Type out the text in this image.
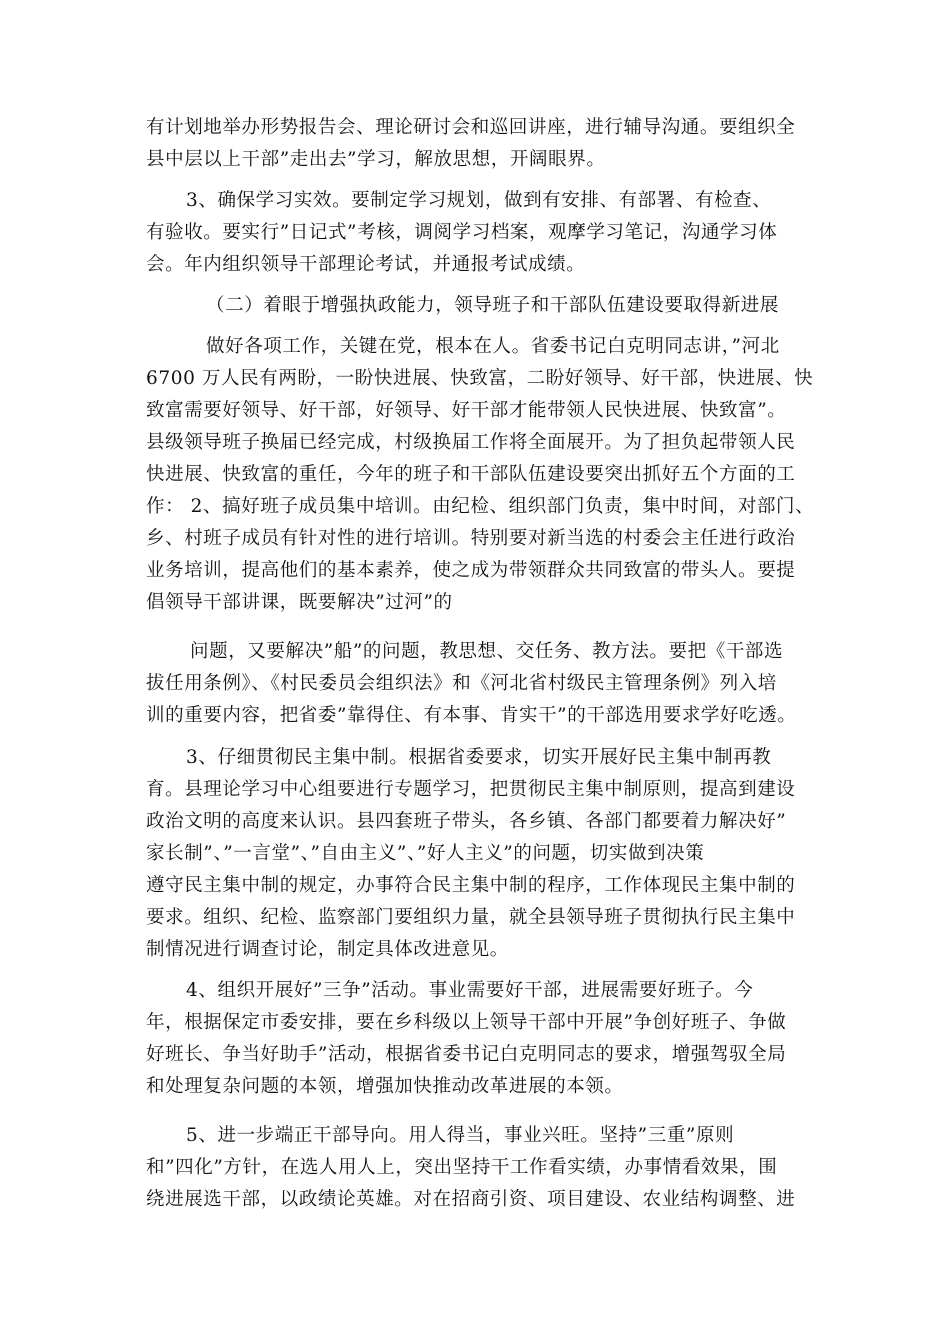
有计划地举办形势报告会、理论研讨会和巡回讲座，进行辅导沟通。要组织全
县中层以上干部”走出去”学习，解放思想，开阔眼界。
3、确保学习实效。要制定学习规划，做到有安排、有部署、有检查、
有验收。要实行”日记式”考核，调阅学习档案，观摩学习笔记，沟通学习体
会。年内组织领导干部理论考试，并通报考试成绩。
（二）着眼于增强执政能力，领导班子和干部队伍建设要取得新进展
做好各项工作，关键在党，根本在人。省委书记白克明同志讲，”河北
6700 万人民有两盼，一盼快进展、快致富，二盼好领导、好干部，快进展、快
致富需要好领导、好干部，好领导、好干部才能带领人民快进展、快致富”。
县级领导班子换届已经完成，村级换届工作将全面展开。为了担负起带领人民
快进展、快致富的重任，今年的班子和干部队伍建设要突出抓好五个方面的工
作： 2、搞好班子成员集中培训。由纪检、组织部门负责，集中时间，对部门、
乡、村班子成员有针对性的进行培训。特别要对新当选的村委会主任进行政治
业务培训，提高他们的基本素养，使之成为带领群众共同致富的带头人。要提
倡领导干部讲课，既要解决”过河”的
问题，又要解决”船”的问题，教思想、交任务、教方法。要把《干部选
拔任用条例》、《村民委员会组织法》和《河北省村级民主管理条例》列入培
训的重要内容，把省委”靠得住、有本事、肯实干”的干部选用要求学好吃透。
3、仔细贯彻民主集中制。根据省委要求，切实开展好民主集中制再教
育。县理论学习中心组要进行专题学习，把贯彻民主集中制原则，提高到建设
政治文明的高度来认识。县四套班子带头，各乡镇、各部门都要着力解决好”
家长制”、”一言堂”、”自由主义”、”好人主义”的问题，切实做到决策
遵守民主集中制的规定，办事符合民主集中制的程序，工作体现民主集中制的
要求。组织、纪检、监察部门要组织力量，就全县领导班子贯彻执行民主集中
制情况进行调查讨论，制定具体改进意见。
4、组织开展好”三争”活动。事业需要好干部，进展需要好班子。今
年，根据保定市委安排，要在乡科级以上领导干部中开展”争创好班子、争做
好班长、争当好助手”活动，根据省委书记白克明同志的要求，增强驾驭全局
和处理复杂问题的本领，增强加快推动改革进展的本领。
5、进一步端正干部导向。用人得当，事业兴旺。坚持”三重”原则
和”四化”方针，在选人用人上，突出坚持干工作看实绩，办事情看效果，围
绕进展选干部，以政绩论英雄。对在招商引资、项目建设、农业结构调整、进
